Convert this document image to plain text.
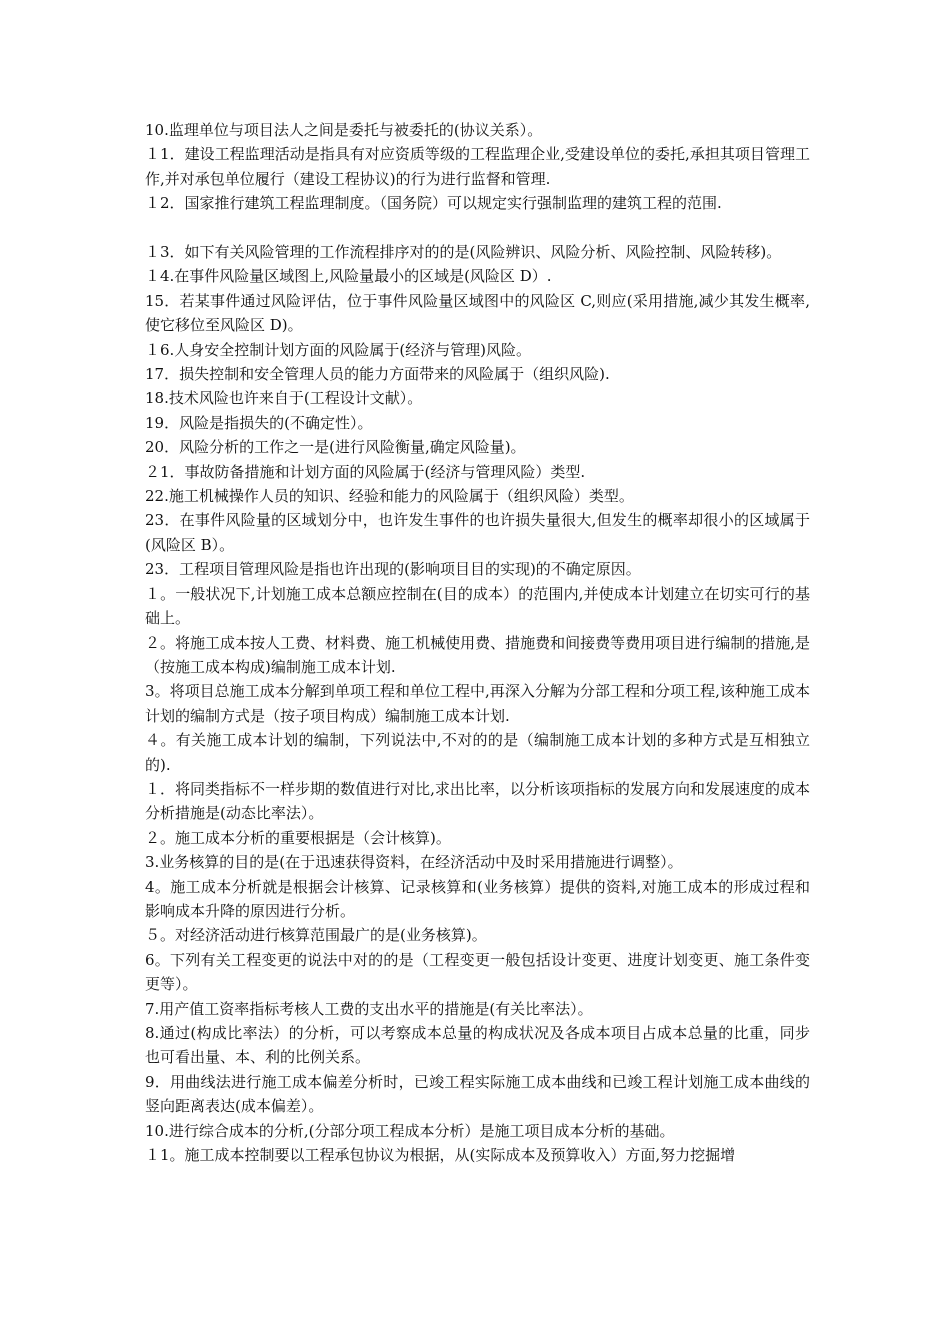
10.监理单位与项目法人之间是委托与被委托的(协议关系）。

１1．建设工程监理活动是指具有对应资质等级的工程监理企业,受建设单位的委托,承担其项目管理工作,并对承包单位履行（建设工程协议)的行为进行监督和管理.

１2．国家推行建筑工程监理制度。（国务院）可以规定实行强制监理的建筑工程的范围.

１3．如下有关风险管理的工作流程排序对的的是(风险辨识、风险分析、风险控制、风险转移)。

１4.在事件风险量区域图上,风险量最小的区域是(风险区 D）.

15．若某事件通过风险评估，位于事件风险量区域图中的风险区 C,则应(采用措施,减少其发生概率,使它移位至风险区 D)。

１6.人身安全控制计划方面的风险属于(经济与管理)风险。

17．损失控制和安全管理人员的能力方面带来的风险属于（组织风险).

18.技术风险也许来自于(工程设计文献）。

19．风险是指损失的(不确定性）。

20．风险分析的工作之一是(进行风险衡量,确定风险量)。

２1．事故防备措施和计划方面的风险属于(经济与管理风险）类型.

22.施工机械操作人员的知识、经验和能力的风险属于（组织风险）类型。

23．在事件风险量的区域划分中，也许发生事件的也许损失量很大,但发生的概率却很小的区域属于(风险区 B）。

23．工程项目管理风险是指也许出现的(影响项目目的实现)的不确定原因。

１。一般状况下,计划施工成本总额应控制在(目的成本）的范围内,并使成本计划建立在切实可行的基础上。

２。将施工成本按人工费、材料费、施工机械使用费、措施费和间接费等费用项目进行编制的措施,是（按施工成本构成)编制施工成本计划.

3。将项目总施工成本分解到单项工程和单位工程中,再深入分解为分部工程和分项工程,该种施工成本计划的编制方式是（按子项目构成）编制施工成本计划.

４。有关施工成本计划的编制，下列说法中,不对的的是（编制施工成本计划的多种方式是互相独立的).

１．将同类指标不一样步期的数值进行对比,求出比率，以分析该项指标的发展方向和发展速度的成本分析措施是(动态比率法）。

２。施工成本分析的重要根据是（会计核算)。

3.业务核算的目的是(在于迅速获得资料，在经济活动中及时采用措施进行调整）。

4。施工成本分析就是根据会计核算、记录核算和(业务核算）提供的资料,对施工成本的形成过程和影响成本升降的原因进行分析。

５。对经济活动进行核算范围最广的是(业务核算)。

6。下列有关工程变更的说法中对的的是（工程变更一般包括设计变更、进度计划变更、施工条件变更等）。

7.用产值工资率指标考核人工费的支出水平的措施是(有关比率法）。

8.通过(构成比率法）的分析，可以考察成本总量的构成状况及各成本项目占成本总量的比重，同步也可看出量、本、利的比例关系。

9．用曲线法进行施工成本偏差分析时，已竣工程实际施工成本曲线和已竣工程计划施工成本曲线的竖向距离表达(成本偏差）。

10.进行综合成本的分析,(分部分项工程成本分析）是施工项目成本分析的基础。

１1。施工成本控制要以工程承包协议为根据，从(实际成本及预算收入）方面,努力挖掘增
